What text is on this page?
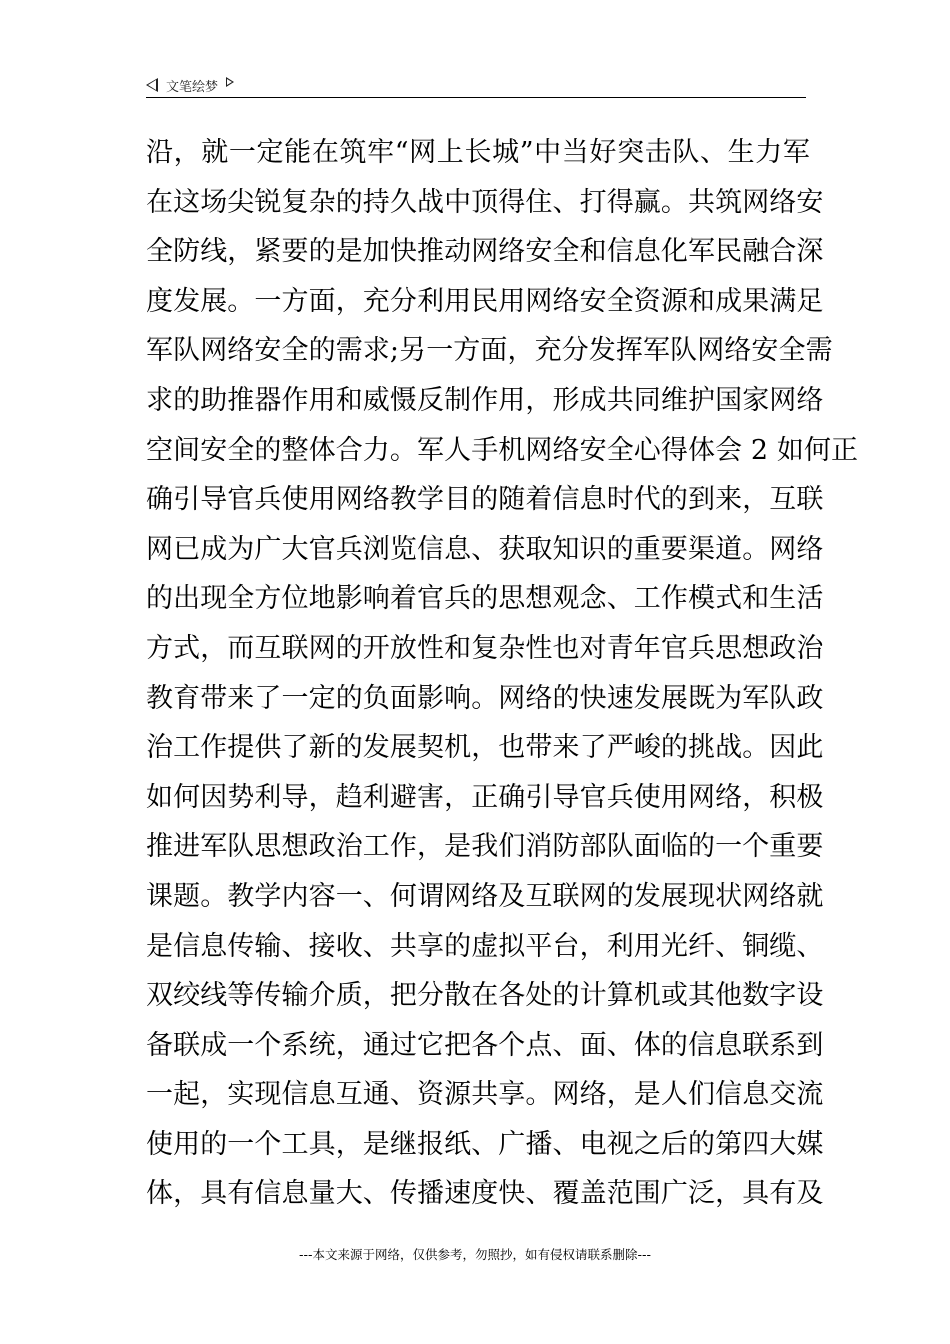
文笔绘梦
沿，就一定能在筑牢“网上长城”中当好突击队、生力军
在这场尖锐复杂的持久战中顶得住、打得赢。共筑网络安
全防线，紧要的是加快推动网络安全和信息化军民融合深
度发展。一方面，充分利用民用网络安全资源和成果满足
军队网络安全的需求;另一方面，充分发挥军队网络安全需
求的助推器作用和威慑反制作用，形成共同维护国家网络
空间安全的整体合力。军人手机网络安全心得体会 2 如何正
确引导官兵使用网络教学目的随着信息时代的到来，互联
网已成为广大官兵浏览信息、获取知识的重要渠道。网络
的出现全方位地影响着官兵的思想观念、工作模式和生活
方式，而互联网的开放性和复杂性也对青年官兵思想政治
教育带来了一定的负面影响。网络的快速发展既为军队政
治工作提供了新的发展契机，也带来了严峻的挑战。因此
如何因势利导，趋利避害，正确引导官兵使用网络，积极
推进军队思想政治工作，是我们消防部队面临的一个重要
课题。教学内容一、何谓网络及互联网的发展现状网络就
是信息传输、接收、共享的虚拟平台，利用光纤、铜缆、
双绞线等传输介质，把分散在各处的计算机或其他数字设
备联成一个系统，通过它把各个点、面、体的信息联系到
一起，实现信息互通、资源共享。网络，是人们信息交流
使用的一个工具，是继报纸、广播、电视之后的第四大媒
体，具有信息量大、传播速度快、覆盖范围广泛，具有及
---本文来源于网络，仅供参考，勿照抄，如有侵权请联系删除---
